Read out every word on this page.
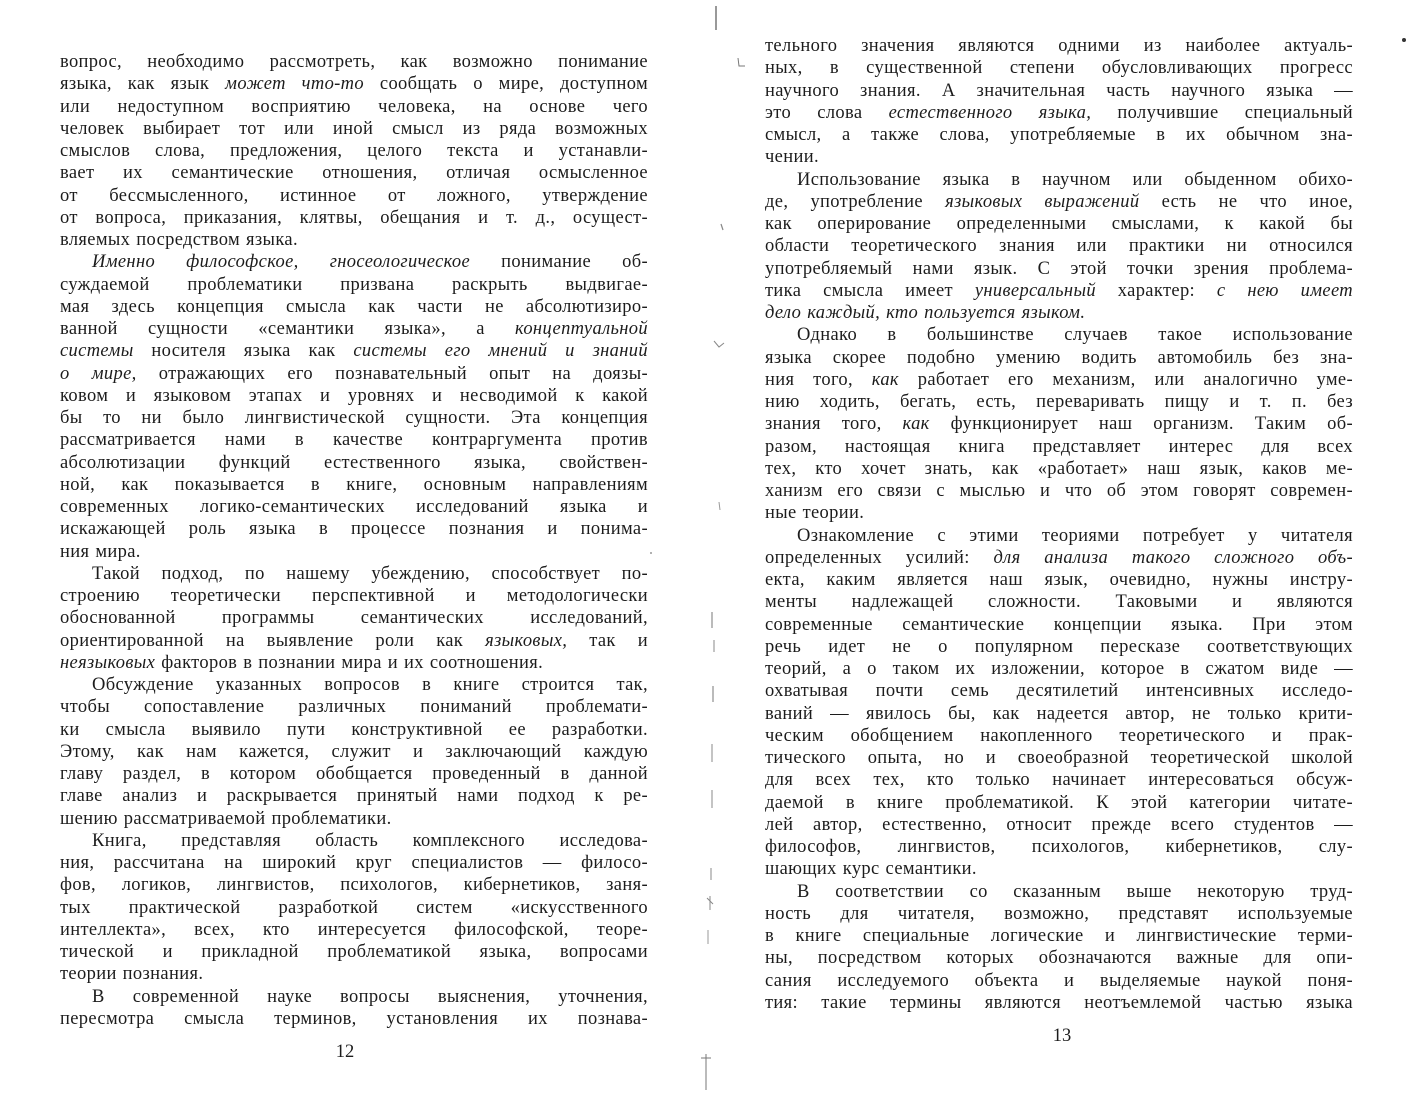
вопрос, необходимо рассмотреть, как возможно понимание
языка, как язык может что-то сообщать о мире, доступном
или недоступном восприятию человека, на основе чего
человек выбирает тот или иной смысл из ряда возможных
смыслов слова, предложения, целого текста и устанавли-
вает их семантические отношения, отличая осмысленное
от бессмысленного, истинное от ложного, утверждение
от вопроса, приказания, клятвы, обещания и т. д., осущест-
вляемых посредством языка.
Именно философское, гносеологическое понимание об-
суждаемой проблематики призвана раскрыть выдвигае-
мая здесь концепция смысла как части не абсолютизиро-
ванной сущности «семантики языка», а концептуальной
системы носителя языка как системы его мнений и знаний
о мире, отражающих его познавательный опыт на доязы-
ковом и языковом этапах и уровнях и несводимой к какой
бы то ни было лингвистической сущности. Эта концепция
рассматривается нами в качестве контраргумента против
абсолютизации функций естественного языка, свойствен-
ной, как показывается в книге, основным направлениям
современных логико-семантических исследований языка и
искажающей роль языка в процессе познания и понима-
ния мира.
Такой подход, по нашему убеждению, способствует по-
строению теоретически перспективной и методологически
обоснованной программы семантических исследований,
ориентированной на выявление роли как языковых, так и
неязыковых факторов в познании мира и их соотношения.
Обсуждение указанных вопросов в книге строится так,
чтобы сопоставление различных пониманий проблемати-
ки смысла выявило пути конструктивной ее разработки.
Этому, как нам кажется, служит и заключающий каждую
главу раздел, в котором обобщается проведенный в данной
главе анализ и раскрывается принятый нами подход к ре-
шению рассматриваемой проблематики.
Книга, представляя область комплексного исследова-
ния, рассчитана на широкий круг специалистов — филосо-
фов, логиков, лингвистов, психологов, кибернетиков, заня-
тых практической разработкой систем «искусственного
интеллекта», всех, кто интересуется философской, теоре-
тической и прикладной проблематикой языка, вопросами
теории познания.
В современной науке вопросы выяснения, уточнения,
пересмотра смысла терминов, установления их познава-
12
тельного значения являются одними из наиболее актуаль-
ных, в существенной степени обусловливающих прогресс
научного знания. А значительная часть научного языка —
это слова естественного языка, получившие специальный
смысл, а также слова, употребляемые в их обычном зна-
чении.
Использование языка в научном или обыденном обихо-
де, употребление языковых выражений есть не что иное,
как оперирование определенными смыслами, к какой бы
области теоретического знания или практики ни относился
употребляемый нами язык. С этой точки зрения проблема-
тика смысла имеет универсальный характер: с нею имеет
дело каждый, кто пользуется языком.
Однако в большинстве случаев такое использование
языка скорее подобно умению водить автомобиль без зна-
ния того, как работает его механизм, или аналогично уме-
нию ходить, бегать, есть, переваривать пищу и т. п. без
знания того, как функционирует наш организм. Таким об-
разом, настоящая книга представляет интерес для всех
тех, кто хочет знать, как «работает» наш язык, каков ме-
ханизм его связи с мыслью и что об этом говорят современ-
ные теории.
Ознакомление с этими теориями потребует у читателя
определенных усилий: для анализа такого сложного объ-
екта, каким является наш язык, очевидно, нужны инстру-
менты надлежащей сложности. Таковыми и являются
современные семантические концепции языка. При этом
речь идет не о популярном пересказе соответствующих
теорий, а о таком их изложении, которое в сжатом виде —
охватывая почти семь десятилетий интенсивных исследо-
ваний — явилось бы, как надеется автор, не только крити-
ческим обобщением накопленного теоретического и прак-
тического опыта, но и своеобразной теоретической школой
для всех тех, кто только начинает интересоваться обсуж-
даемой в книге проблематикой. К этой категории читате-
лей автор, естественно, относит прежде всего студентов —
философов, лингвистов, психологов, кибернетиков, слу-
шающих курс семантики.
В соответствии со сказанным выше некоторую труд-
ность для читателя, возможно, представят используемые
в книге специальные логические и лингвистические терми-
ны, посредством которых обозначаются важные для опи-
сания исследуемого объекта и выделяемые наукой поня-
тия: такие термины являются неотъемлемой частью языка
13
